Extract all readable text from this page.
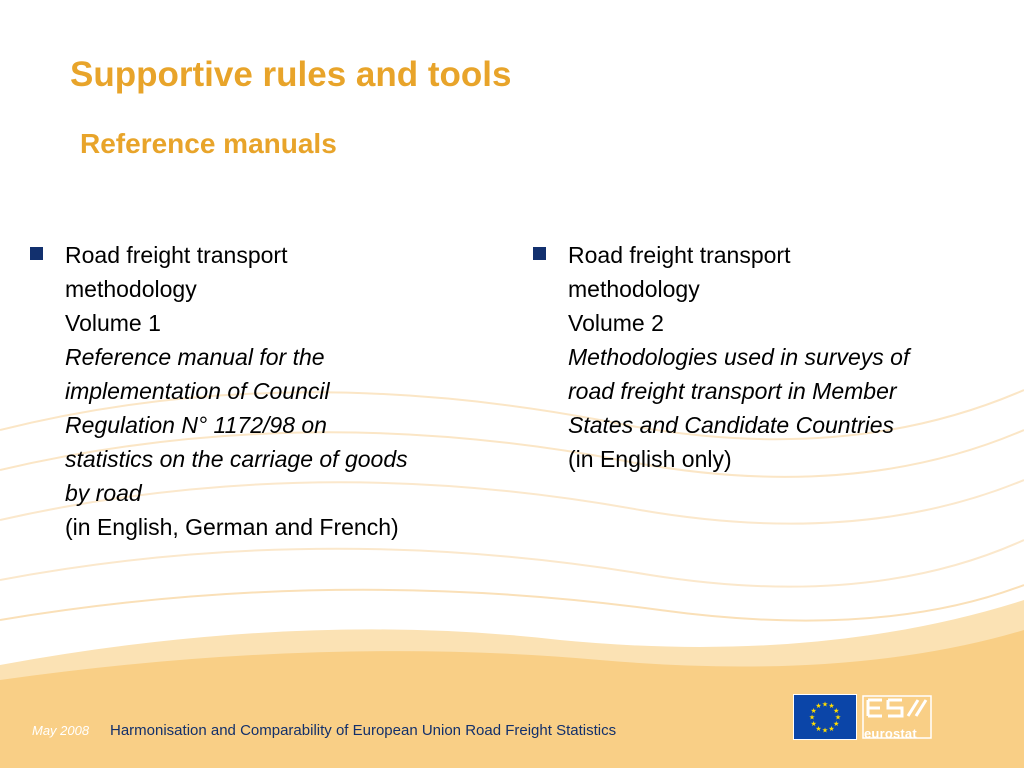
Supportive rules and tools
Reference manuals
Road freight transport
methodology
Volume 1
Reference manual for the
implementation of Council
Regulation N° 1172/98 on
statistics on the carriage of goods
by road
(in English, German and French)
Road freight transport
methodology
Volume 2
Methodologies used in surveys of
road freight transport in Member
States and Candidate Countries
(in English only)
May 2008 Harmonisation and Comparability of European Union Road Freight Statistics
★
★
★
★
★
★
★
★
★ ★ ★
★
eurostat
